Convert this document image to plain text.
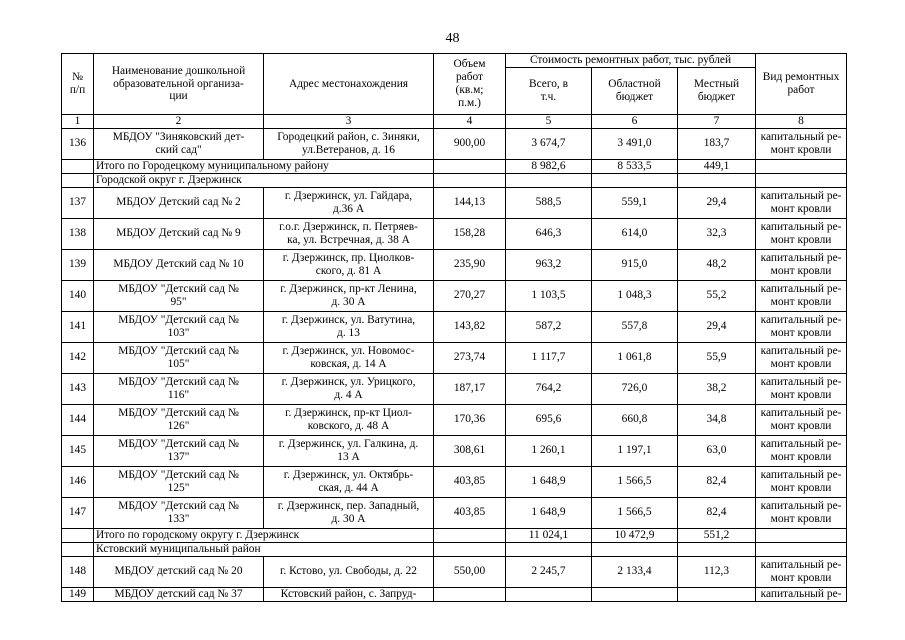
48
№
п/п	Наименование дошкольной
образовательной организа-
ции	Адрес местонахождения	Объем
работ
(кв.м;
п.м.)	Стоимость ремонтных работ, тыс. рублей			Вид ремонтных
работ

				Всего, в
т.ч.	Областной
бюджет	Местный
бюджет	

1	2	3	4	5	6	7	8
136	МБДОУ "Зиняковский дет-
ский сад"	Городецкий район, с. Зиняки,
ул.Ветеранов, д. 16	900,00	3 674,7	3 491,0	183,7	капитальный ре-
монт кровли

	Итого по Городецкому муниципальному району			8 982,6	8 533,5	449,1	
	Городской округ г. Дзержинск						
137	МБДОУ Детский сад № 2	г. Дзержинск, ул. Гайдара,
д.36 А	144,13	588,5	559,1	29,4	капитальный ре-
монт кровли

138	МБДОУ Детский сад № 9	г.о.г. Дзержинск, п. Петряев-
ка, ул. Встречная, д. 38 А	158,28	646,3	614,0	32,3	капитальный ре-
монт кровли

139	МБДОУ Детский сад № 10	г. Дзержинск, пр. Циолков-
ского, д. 81 А	235,90	963,2	915,0	48,2	капитальный ре-
монт кровли

140	МБДОУ "Детский сад №
95"	г. Дзержинск, пр-кт Ленина,
д. 30 А	270,27	1 103,5	1 048,3	55,2	капитальный ре-
монт кровли

141	МБДОУ "Детский сад №
103"	г. Дзержинск, ул. Ватутина,
д. 13	143,82	587,2	557,8	29,4	капитальный ре-
монт кровли

142	МБДОУ "Детский сад №
105"	г. Дзержинск, ул. Новомос-
ковская, д. 14 А	273,74	1 117,7	1 061,8	55,9	капитальный ре-
монт кровли

143	МБДОУ "Детский сад №
116"	г. Дзержинск, ул. Урицкого,
д. 4 А	187,17	764,2	726,0	38,2	капитальный ре-
монт кровли

144	МБДОУ "Детский сад №
126"	г. Дзержинск, пр-кт Циол-
ковского, д. 48 А	170,36	695,6	660,8	34,8	капитальный ре-
монт кровли

145	МБДОУ "Детский сад №
137"	г. Дзержинск, ул. Галкина, д.
13 А	308,61	1 260,1	1 197,1	63,0	капитальный ре-
монт кровли

146	МБДОУ "Детский сад №
125"	г. Дзержинск, ул. Октябрь-
ская, д. 44 А	403,85	1 648,9	1 566,5	82,4	капитальный ре-
монт кровли

147	МБДОУ "Детский сад №
133"	г. Дзержинск, пер. Западный,
д. 30 А	403,85	1 648,9	1 566,5	82,4	капитальный ре-
монт кровли

	Итого по городскому округу г. Дзержинск			11 024,1	10 472,9	551,2	
	Кстовский муниципальный район						
148	МБДОУ детский сад № 20	г. Кстово, ул. Свободы, д. 22	550,00	2 245,7	2 133,4	112,3	капитальный ре-
монт кровли

149	МБДОУ детский сад № 37	Кстовский район, с. Запруд-					капитальный ре-
